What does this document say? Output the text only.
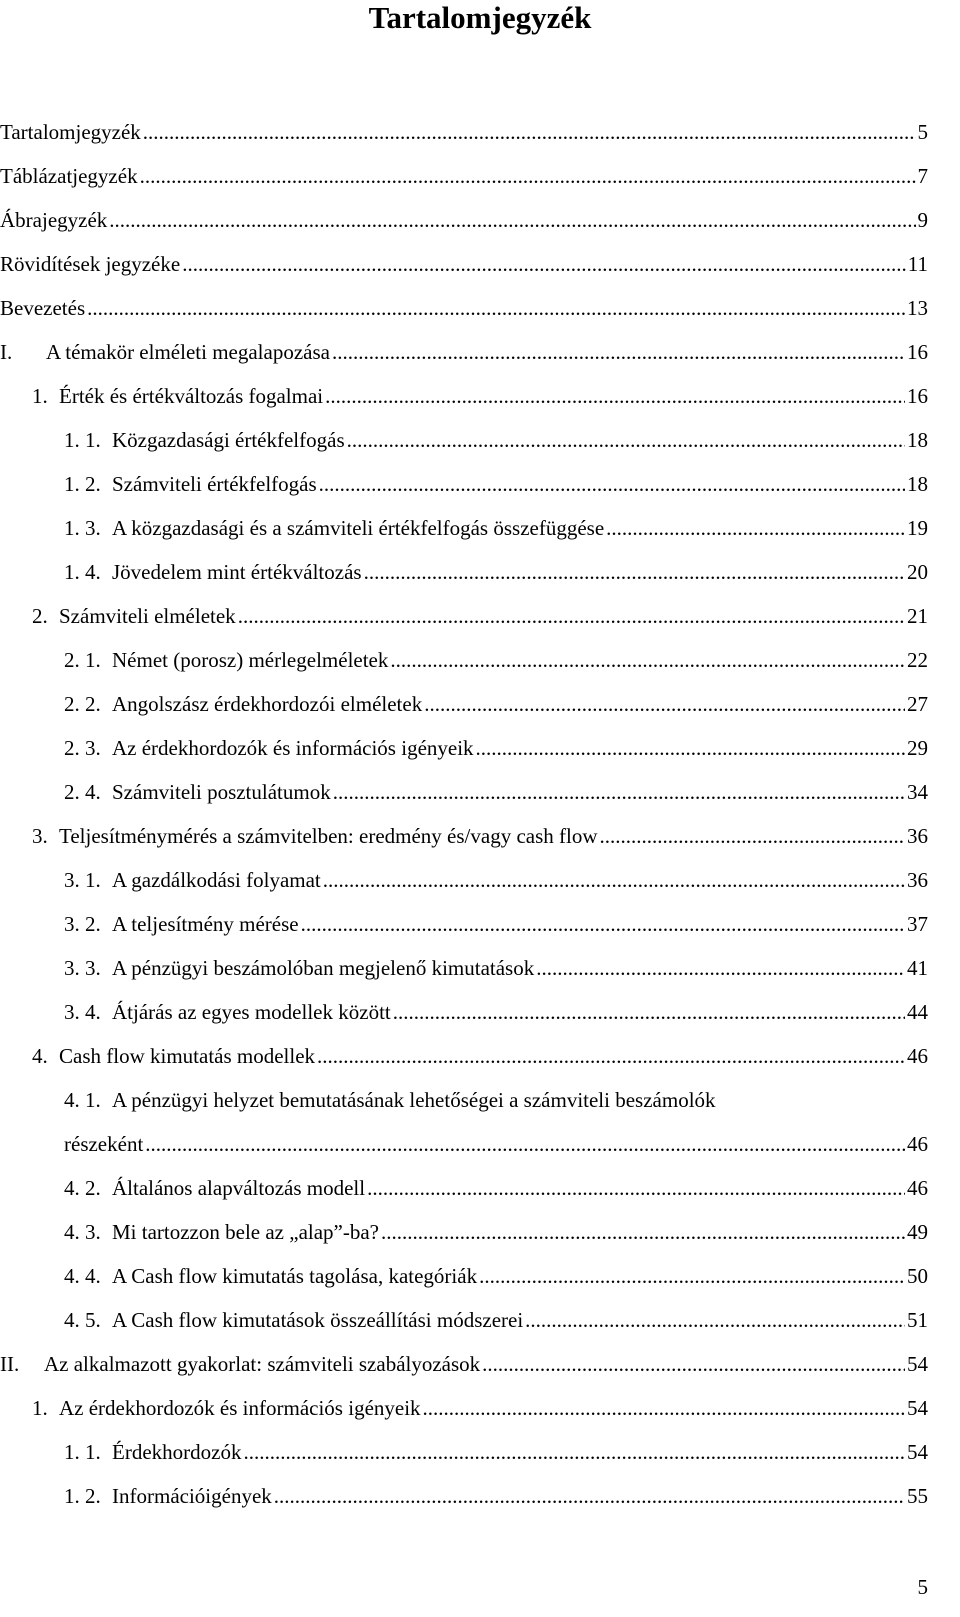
Tartalomjegyzék
Tartalomjegyzék .....	5
Táblázatjegyzék .....	7
Ábrajegyzék .....	9
Rövidítések jegyzéke .....	11
Bevezetés .....	13
I.	A témakör elméleti megalapozása .....	16
1. Érték és értékváltozás fogalmai .....	16
1. 1. Közgazdasági értékfelfogás .....	18
1. 2. Számviteli értékfelfogás .....	18
1. 3. A közgazdasági és a számviteli értékfelfogás összefüggése .....	19
1. 4. Jövedelem mint értékváltozás .....	20
2. Számviteli elméletek .....	21
2. 1. Német (porosz) mérlegelméletek .....	22
2. 2. Angolszász érdekhordozói elméletek .....	27
2. 3. Az érdekhordozók és információs igényeik .....	29
2. 4. Számviteli posztulátumok .....	34
3. Teljesítménymérés a számvitelben: eredmény és/vagy cash flow .....	36
3. 1. A gazdálkodási folyamat .....	36
3. 2. A teljesítmény mérése .....	37
3. 3. A pénzügyi beszámolóban megjelenő kimutatások .....	41
3. 4. Átjárás az egyes modellek között .....	44
4. Cash flow kimutatás modellek .....	46
4. 1. A pénzügyi helyzet bemutatásának lehetőségei a számviteli beszámolók
részeként .....	46
4. 2. Általános alapváltozás modell .....	46
4. 3. Mi tartozzon bele az „alap”-ba? .....	49
4. 4. A Cash flow kimutatás tagolása, kategóriák .....	50
4. 5. A Cash flow kimutatások összeállítási módszerei .....	51
II.	Az alkalmazott gyakorlat: számviteli szabályozások .....	54
1. Az érdekhordozók és információs igényeik .....	54
1. 1. Érdekhordozók .....	54
1. 2. Információigények .....	55
5
